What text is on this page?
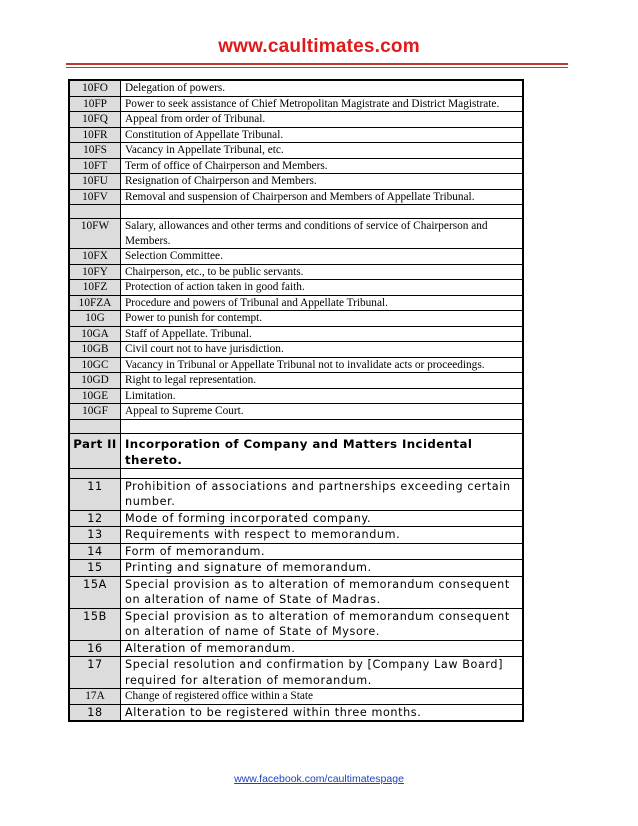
www.caultimates.com
10FO	Delegation of powers.
10FP	Power to seek assistance of Chief Metropolitan Magistrate and District Magistrate.
10FQ	Appeal from order of Tribunal.
10FR	Constitution of Appellate Tribunal.
10FS	Vacancy in Appellate Tribunal, etc.
10FT	Term of office of Chairperson and Members.
10FU	Resignation of Chairperson and Members.
10FV	Removal and suspension of Chairperson and Members of Appellate Tribunal.

10FW	Salary, allowances and other terms and conditions of service of Chairperson and Members.
10FX	Selection Committee.
10FY	Chairperson, etc., to be public servants.
10FZ	Protection of action taken in good faith.
10FZA	Procedure and powers of Tribunal and Appellate Tribunal.
10G	Power to punish for contempt.
10GA	Staff of Appellate. Tribunal.
10GB	Civil court not to have jurisdiction.
10GC	Vacancy in Tribunal or Appellate Tribunal not to invalidate acts or proceedings.
10GD	Right to legal representation.
10GE	Limitation.
10GF	Appeal to Supreme Court.

Part II	Incorporation of Company and Matters Incidental thereto.

11	Prohibition of associations and partnerships exceeding certain number.
12	Mode of forming incorporated company.
13	Requirements with respect to memorandum.
14	Form of memorandum.
15	Printing and signature of memorandum.
15A	Special provision as to alteration of memorandum consequent on alteration of name of State of Madras.
15B	Special provision as to alteration of memorandum consequent on alteration of name of State of Mysore.
16	Alteration of memorandum.
17	Special resolution and confirmation by [Company Law Board] required for alteration of memorandum.
17A	Change of registered office within a State
18	Alteration to be registered within three months.
www.facebook.com/caultimatespage
